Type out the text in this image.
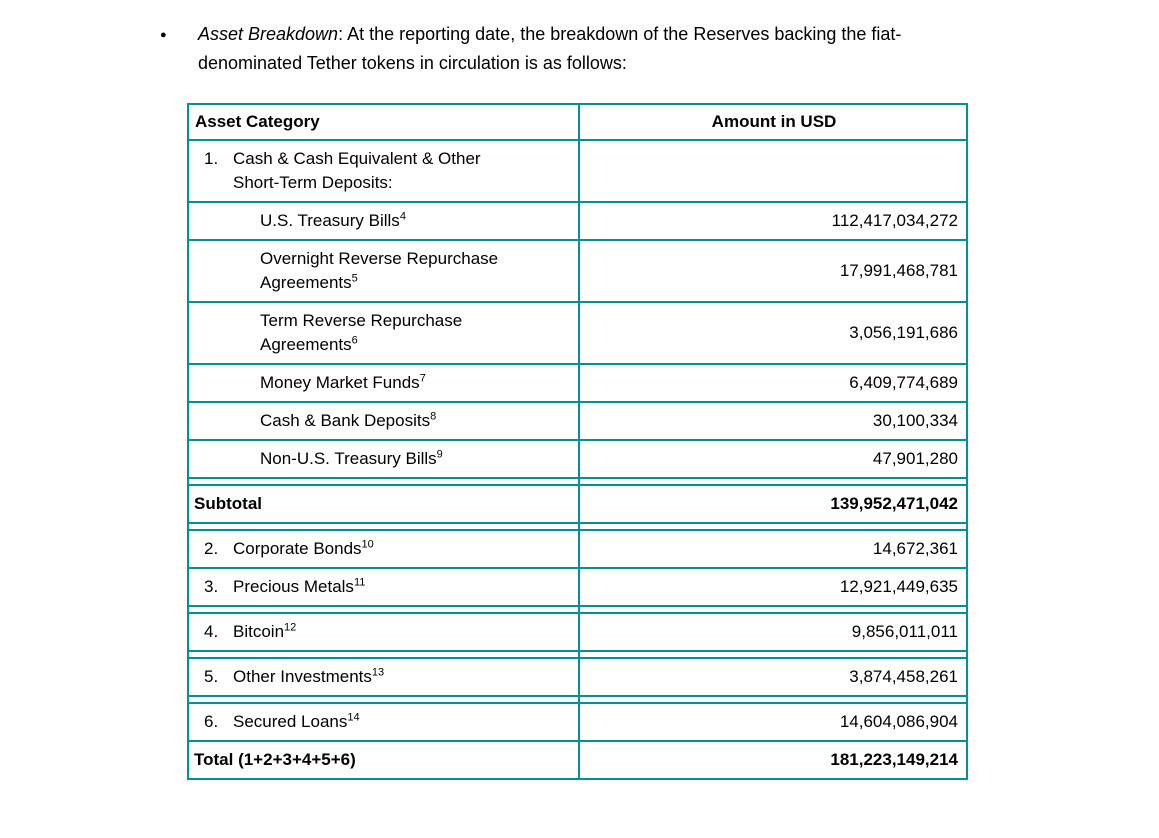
● Asset Breakdown: At the reporting date, the breakdown of the Reserves backing the fiat-
denominated Tether tokens in circulation is as follows:
Asset Category	Amount in USD
1. Cash & Cash Equivalent & Other Short-Term Deposits:
U.S. Treasury Bills$^4$	112,417,034,272
Overnight Reverse Repurchase Agreements$^5$	17,991,468,781
Term Reverse Repurchase Agreements$^6$	3,056,191,686
Money Market Funds$^7$	6,409,774,689
Cash & Bank Deposits$^8$	30,100,334
Non-U.S. Treasury Bills$^9$	47,901,280
Subtotal	139,952,471,042
2. Corporate Bonds$^{10}$	14,672,361
3. Precious Metals$^{11}$	12,921,449,635
4. Bitcoin$^{12}$	9,856,011,011
5. Other Investments$^{13}$	3,874,458,261
6. Secured Loans$^{14}$	14,604,086,904
Total (1+2+3+4+5+6)	181,223,149,214
